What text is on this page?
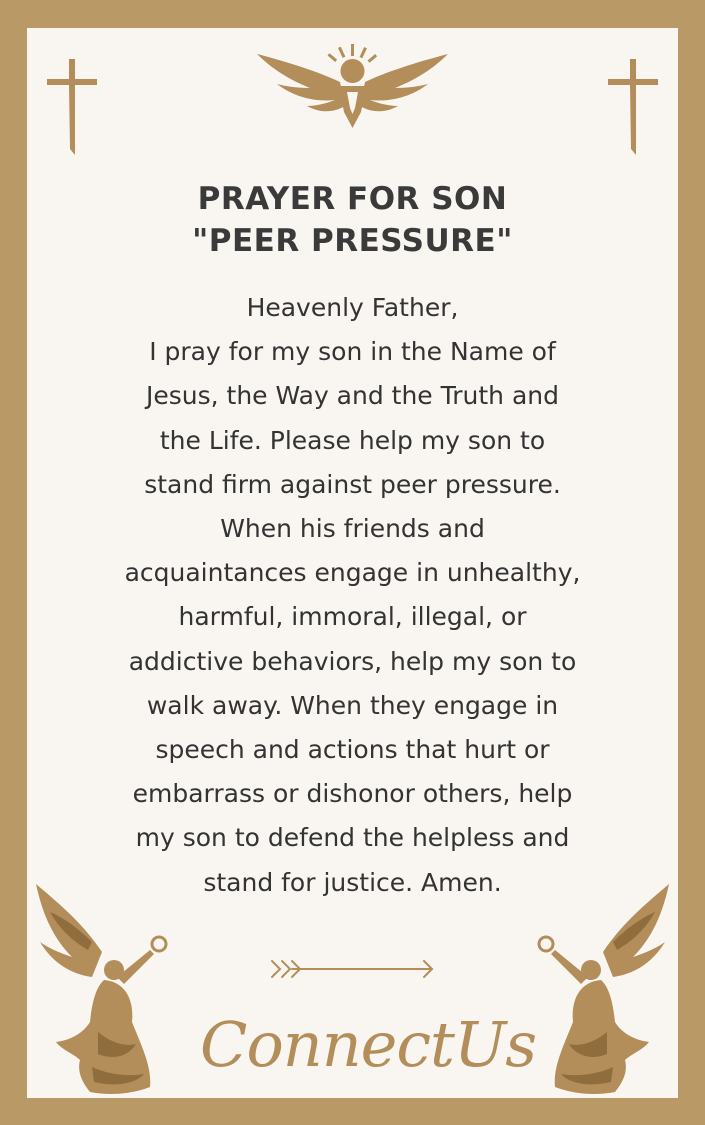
PRAYER FOR SON
"PEER PRESSURE"
Heavenly Father,
I pray for my son in the Name of
Jesus, the Way and the Truth and
the Life. Please help my son to
stand firm against peer pressure.
When his friends and
acquaintances engage in unhealthy,
harmful, immoral, illegal, or
addictive behaviors, help my son to
walk away. When they engage in
speech and actions that hurt or
embarrass or dishonor others, help
my son to defend the helpless and
stand for justice. Amen.
ConnectUs
